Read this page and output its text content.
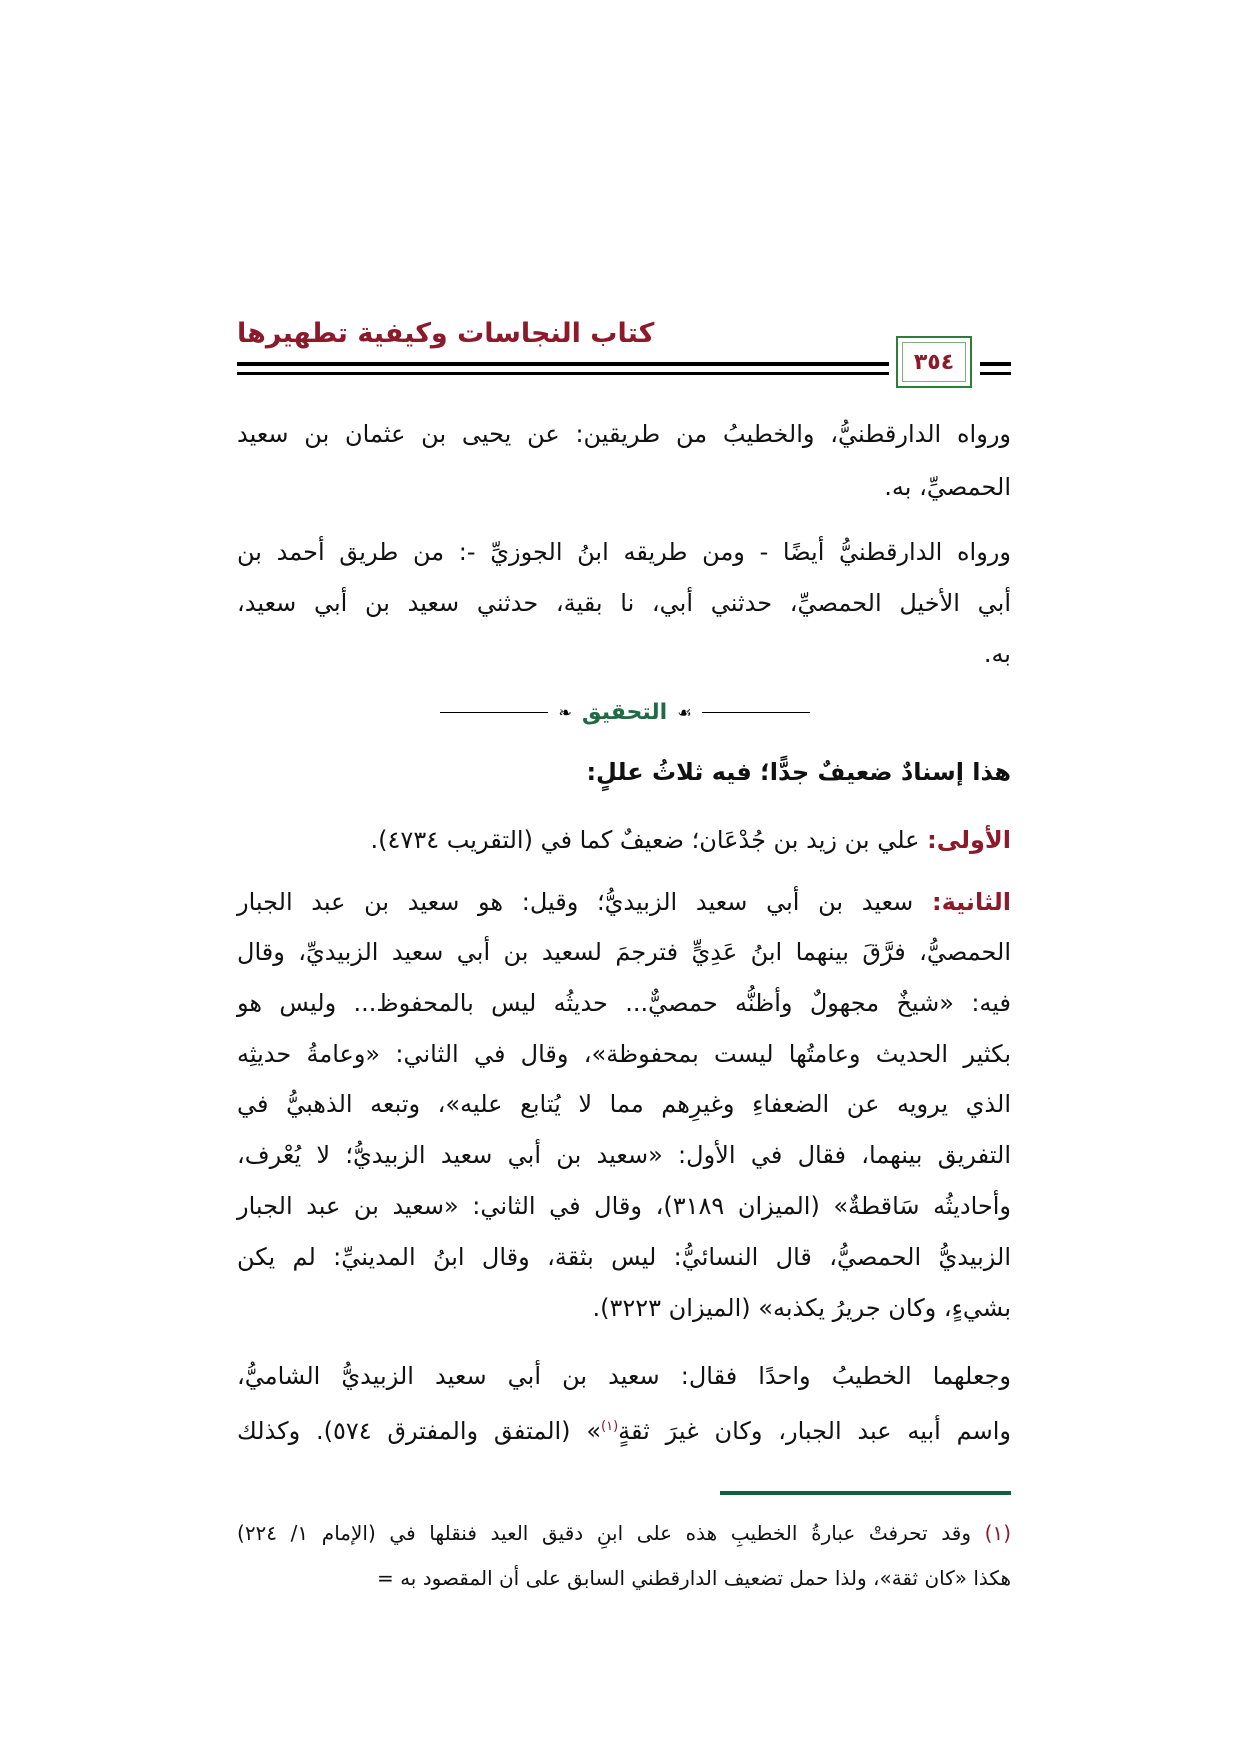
كتاب النجاسات وكيفية تطهيرها
٣٥٤
ورواه الدارقطنيُّ، والخطيبُ من طريقين: عن يحيى بن عثمان بن سعيد
الحمصيِّ، به.
ورواه الدارقطنيُّ أيضًا - ومن طريقه ابنُ الجوزيِّ -: من طريق أحمد بن
أبي الأخيل الحمصيِّ، حدثني أبي، نا بقية، حدثني سعيد بن أبي سعيد،
به.
❧ التحقيق ☙
هذا إسنادٌ ضعيفٌ جدًّا؛ فيه ثلاثُ عللٍ:
الأولى: علي بن زيد بن جُدْعَان؛ ضعيفٌ كما في (التقريب ٤٧٣٤).
الثانية: سعيد بن أبي سعيد الزبيديُّ؛ وقيل: هو سعيد بن عبد الجبار
الحمصيُّ، فرَّقَ بينهما ابنُ عَدِيٍّ فترجمَ لسعيد بن أبي سعيد الزبيديِّ، وقال
فيه: «شيخٌ مجهولٌ وأظنُّه حمصيٌّ... حديثُه ليس بالمحفوظ... وليس هو
بكثير الحديث وعامتُها ليست بمحفوظة»، وقال في الثاني: «وعامةُ حديثِه
الذي يرويه عن الضعفاءِ وغيرِهم مما لا يُتابع عليه»، وتبعه الذهبيُّ في
التفريق بينهما، فقال في الأول: «سعيد بن أبي سعيد الزبيديُّ؛ لا يُعْرف،
وأحاديثُه سَاقطةٌ» (الميزان ٣١٨٩)، وقال في الثاني: «سعيد بن عبد الجبار
الزبيديُّ الحمصيُّ، قال النسائيُّ: ليس بثقة، وقال ابنُ المدينيِّ: لم يكن
بشيءٍ، وكان جريرُ يكذبه» (الميزان ٣٢٢٣).
وجعلهما الخطيبُ واحدًا فقال: سعيد بن أبي سعيد الزبيديُّ الشاميُّ،
واسم أبيه عبد الجبار، وكان غيرَ ثقةٍ$^{(١)}$» (المتفق والمفترق ٥٧٤). وكذلك
(١) وقد تحرفتْ عبارةُ الخطيبِ هذه على ابنِ دقيق العيد فنقلها في (الإمام ١/ ٢٢٤)
هكذا «كان ثقة»، ولذا حمل تضعيف الدارقطني السابق على أن المقصود به =
